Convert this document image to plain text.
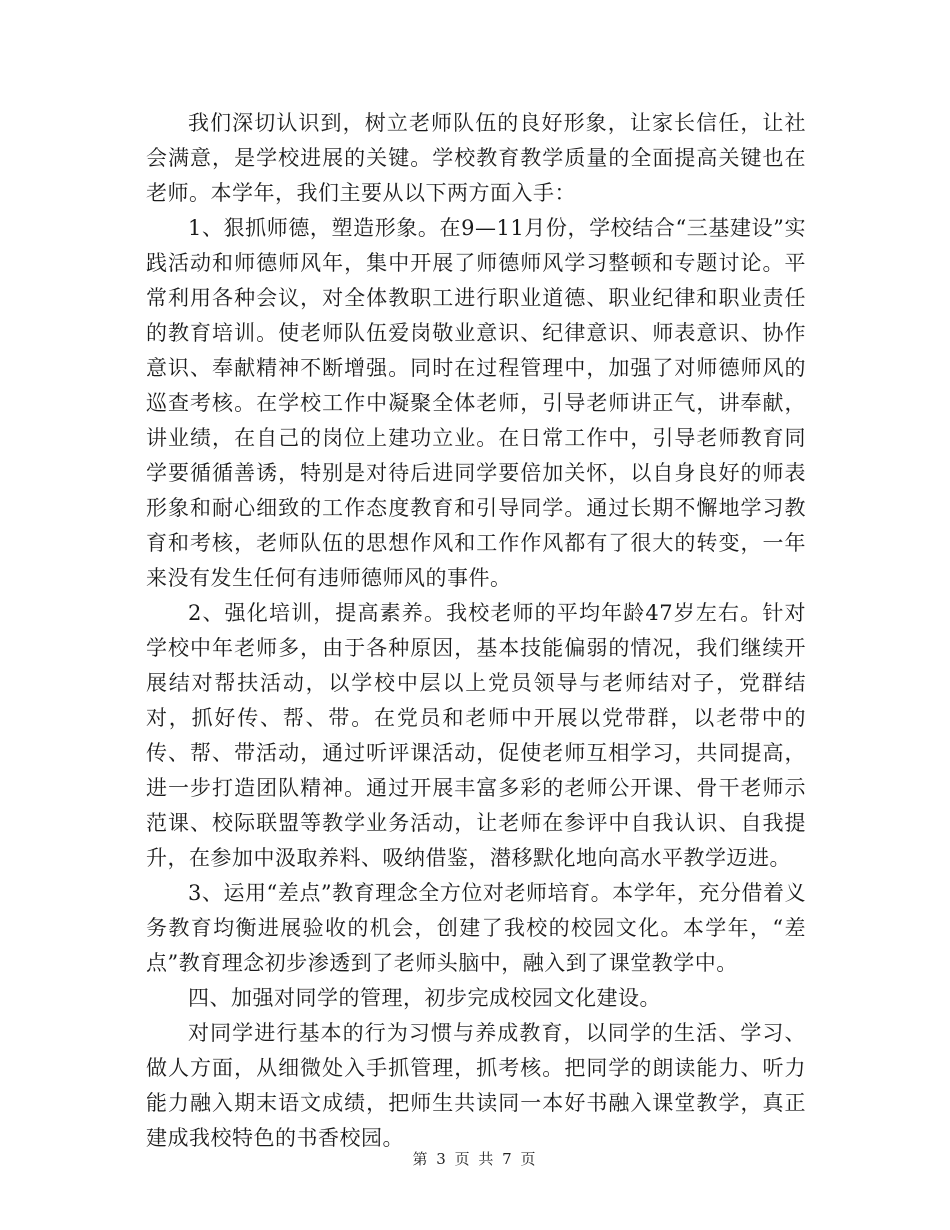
我们深切认识到，树立老师队伍的良好形象，让家长信任，让社会满意，是学校进展的关键。学校教育教学质量的全面提高关键也在老师。本学年，我们主要从以下两方面入手：

1、狠抓师德，塑造形象。在9—11月份，学校结合“三基建设”实践活动和师德师风年，集中开展了师德师风学习整顿和专题讨论。平常利用各种会议，对全体教职工进行职业道德、职业纪律和职业责任的教育培训。使老师队伍爱岗敬业意识、纪律意识、师表意识、协作意识、奉献精神不断增强。同时在过程管理中，加强了对师德师风的巡查考核。在学校工作中凝聚全体老师，引导老师讲正气，讲奉献，讲业绩，在自己的岗位上建功立业。在日常工作中，引导老师教育同学要循循善诱，特别是对待后进同学要倍加关怀，以自身良好的师表形象和耐心细致的工作态度教育和引导同学。通过长期不懈地学习教育和考核，老师队伍的思想作风和工作作风都有了很大的转变，一年来没有发生任何有违师德师风的事件。

2、强化培训，提高素养。我校老师的平均年龄47岁左右。针对学校中年老师多，由于各种原因，基本技能偏弱的情况，我们继续开展结对帮扶活动，以学校中层以上党员领导与老师结对子，党群结对，抓好传、帮、带。在党员和老师中开展以党带群，以老带中的传、帮、带活动，通过听评课活动，促使老师互相学习，共同提高，进一步打造团队精神。通过开展丰富多彩的老师公开课、骨干老师示范课、校际联盟等教学业务活动，让老师在参评中自我认识、自我提升，在参加中汲取养料、吸纳借鉴，潜移默化地向高水平教学迈进。

3、运用“差点”教育理念全方位对老师培育。本学年，充分借着义务教育均衡进展验收的机会，创建了我校的校园文化。本学年，“差点”教育理念初步渗透到了老师头脑中，融入到了课堂教学中。

四、加强对同学的管理，初步完成校园文化建设。

对同学进行基本的行为习惯与养成教育，以同学的生活、学习、做人方面，从细微处入手抓管理，抓考核。把同学的朗读能力、听力能力融入期末语文成绩，把师生共读同一本好书融入课堂教学，真正建成我校特色的书香校园。

第 3 页 共 7 页
